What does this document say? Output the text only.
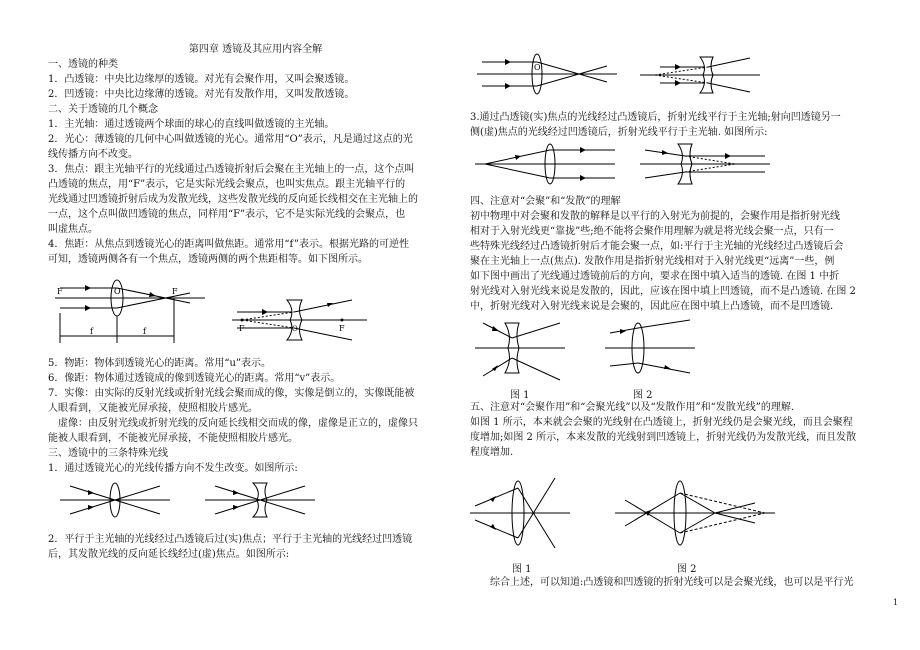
第四章 透镜及其应用内容全解

一、透镜的种类

1．凸透镜：中央比边缘厚的透镜。对光有会聚作用，又叫会聚透镜。

2．凹透镜：中央比边缘薄的透镜。对光有发散作用，又叫发散透镜。

二、关于透镜的几个概念

1．主光轴：通过透镜两个球面的球心的直线叫做透镜的主光轴。

2．光心：薄透镜的几何中心叫做透镜的光心。通常用“O”表示，凡是通过这点的光

线传播方向不改变。

3．焦点：跟主光轴平行的光线通过凸透镜折射后会聚在主光轴上的一点，这个点叫

凸透镜的焦点，用“F”表示，它是实际光线会聚点，也叫实焦点。跟主光轴平行的

光线通过凹透镜折射后成为发散光线，这些发散光线的反向延长线相交在主光轴上的

一点，这个点叫做凹透镜的焦点，同样用“F”表示，它不是实际光线的会聚点，也

叫虚焦点。

4．焦距：从焦点到透镜光心的距离叫做焦距。通常用“f”表示。根据光路的可逆性

可知，透镜两侧各有一个焦点，透镜两侧的两个焦距相等。如下图所示。

f	f
F	F
O
F	F
O

5．物距：物体到透镜光心的距离。常用“u”表示。

6．像距：物体通过透镜成的像到透镜光心的距离。常用“v”表示。

7．实像：由实际的反射光线或折射光线会聚而成的像，实像是倒立的，实像既能被

人眼看到，又能被光屏承接，使照相胶片感光。

　虚像：由反射光线或折射光线的反向延长线相交而成的像，虚像是正立的，虚像只

能被人眼看到，不能被光屏承接，不能使照相胶片感光。

三、透镜中的三条特殊光线

1．通过透镜光心的光线传播方向不发生改变。如图所示:

2．平行于主光轴的光线经过凸透镜后过(实)焦点；平行于主光轴的光线经过凹透镜

后，其发散光线的反向延长线经过(虚)焦点。如图所示:

O

3.通过凸透镜(实)焦点的光线经过凸透镜后，折射光线平行于主光轴;射向凹透镜另一

侧(虚)焦点的光线经过凹透镜后，折射光线平行于主光轴. 如图所示:

四、注意对“会聚”和“发散”的理解

初中物理中对会聚和发散的解释是以平行的入射光为前提的，会聚作用是指折射光线

相对于入射光线更“靠拢”些;绝不能将会聚作用理解为就是将光线会聚一点，只有一

些特殊光线经过凸透镜折射后才能会聚一点，如:平行于主光轴的光线经过凸透镜后会

聚在主光轴上一点(焦点). 发散作用是指折射光线相对于入射光线更“远离”一些，例

如下图中画出了光线通过透镜前后的方向，要求在图中填入适当的透镜. 在图 1 中折

射光线对入射光线来说是发散的，因此，应该在图中填上凹透镜，而不是凸透镜. 在图 2

中，折射光线对入射光线来说是会聚的，因此应在图中填上凸透镜，而不是凹透镜.

图 1	图 2

五、注意对“会聚作用”和“会聚光线”以及“发散作用”和“发散光线”的理解.

如图 1 所示，本来就会会聚的光线射在凸透镜上，折射光线仍是会聚光线，而且会聚程

度增加;如图 2 所示，本来发散的光线射到凹透镜上，折射光线仍为发散光线，而且发散

程度增加.

图 1	图 2

　　综合上述，可以知道:凸透镜和凹透镜的折射光线可以是会聚光线，也可以是平行光

1
